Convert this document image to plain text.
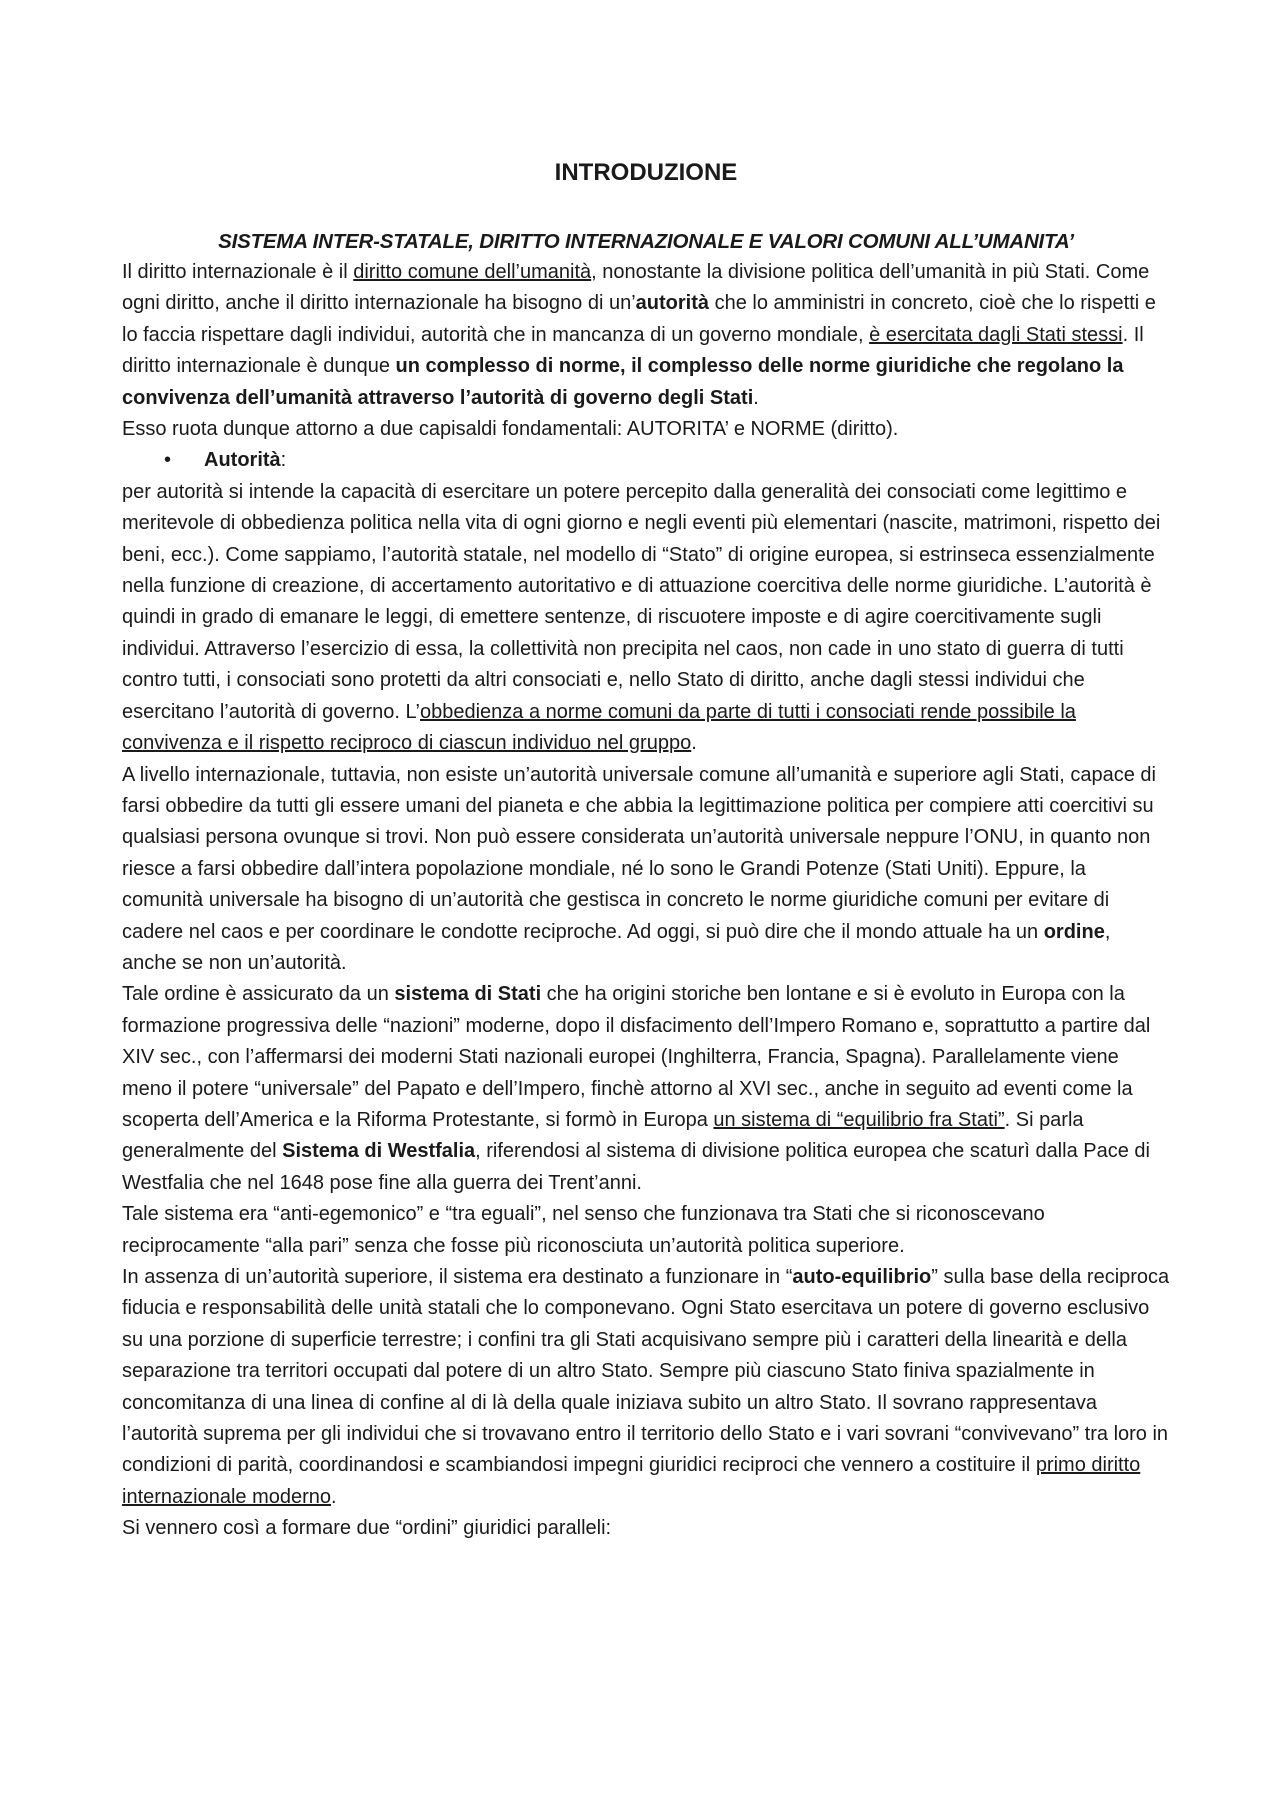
INTRODUZIONE
SISTEMA INTER-STATALE, DIRITTO INTERNAZIONALE E VALORI COMUNI ALL’UMANITA’

Il diritto internazionale è il diritto comune dell’umanità, nonostante la divisione politica dell’umanità in più Stati. Come ogni diritto, anche il diritto internazionale ha bisogno di un’autorità che lo amministri in concreto, cioè che lo rispetti e lo faccia rispettare dagli individui, autorità che in mancanza di un governo mondiale, è esercitata dagli Stati stessi. Il diritto internazionale è dunque un complesso di norme, il complesso delle norme giuridiche che regolano la convivenza dell’umanità attraverso l’autorità di governo degli Stati.

Esso ruota dunque attorno a due capisaldi fondamentali: AUTORITA’ e NORME (diritto).

• Autorità:

per autorità si intende la capacità di esercitare un potere percepito dalla generalità dei consociati come legittimo e meritevole di obbedienza politica nella vita di ogni giorno e negli eventi più elementari (nascite, matrimoni, rispetto dei beni, ecc.). Come sappiamo, l’autorità statale, nel modello di “Stato” di origine europea, si estrinseca essenzialmente nella funzione di creazione, di accertamento autoritativo e di attuazione coercitiva delle norme giuridiche. L’autorità è quindi in grado di emanare le leggi, di emettere sentenze, di riscuotere imposte e di agire coercitivamente sugli individui. Attraverso l’esercizio di essa, la collettività non precipita nel caos, non cade in uno stato di guerra di tutti contro tutti, i consociati sono protetti da altri consociati e, nello Stato di diritto, anche dagli stessi individui che esercitano l’autorità di governo. L’obbedienza a norme comuni da parte di tutti i consociati rende possibile la convivenza e il rispetto reciproco di ciascun individuo nel gruppo.

A livello internazionale, tuttavia, non esiste un’autorità universale comune all’umanità e superiore agli Stati, capace di farsi obbedire da tutti gli essere umani del pianeta e che abbia la legittimazione politica per compiere atti coercitivi su qualsiasi persona ovunque si trovi. Non può essere considerata un’autorità universale neppure l’ONU, in quanto non riesce a farsi obbedire dall’intera popolazione mondiale, né lo sono le Grandi Potenze (Stati Uniti). Eppure, la comunità universale ha bisogno di un’autorità che gestisca in concreto le norme giuridiche comuni per evitare di cadere nel caos e per coordinare le condotte reciproche. Ad oggi, si può dire che il mondo attuale ha un ordine, anche se non un’autorità.

Tale ordine è assicurato da un sistema di Stati che ha origini storiche ben lontane e si è evoluto in Europa con la formazione progressiva delle “nazioni” moderne, dopo il disfacimento dell’Impero Romano e, soprattutto a partire dal XIV sec., con l’affermarsi dei moderni Stati nazionali europei (Inghilterra, Francia, Spagna). Parallelamente viene meno il potere “universale” del Papato e dell’Impero, finchè attorno al XVI sec., anche in seguito ad eventi come la scoperta dell’America e la Riforma Protestante, si formò in Europa un sistema di “equilibrio fra Stati”. Si parla generalmente del Sistema di Westfalia, riferendosi al sistema di divisione politica europea che scaturì dalla Pace di Westfalia che nel 1648 pose fine alla guerra dei Trent’anni.

Tale sistema era “anti-egemonico” e “tra eguali”, nel senso che funzionava tra Stati che si riconoscevano reciprocamente “alla pari” senza che fosse più riconosciuta un’autorità politica superiore.

In assenza di un’autorità superiore, il sistema era destinato a funzionare in “auto-equilibrio” sulla base della reciproca fiducia e responsabilità delle unità statali che lo componevano. Ogni Stato esercitava un potere di governo esclusivo su una porzione di superficie terrestre; i confini tra gli Stati acquisivano sempre più i caratteri della linearità e della separazione tra territori occupati dal potere di un altro Stato. Sempre più ciascuno Stato finiva spazialmente in concomitanza di una linea di confine al di là della quale iniziava subito un altro Stato. Il sovrano rappresentava l’autorità suprema per gli individui che si trovavano entro il territorio dello Stato e i vari sovrani “convivevano” tra loro in condizioni di parità, coordinandosi e scambiandosi impegni giuridici reciproci che vennero a costituire il primo diritto internazionale moderno.

Si vennero così a formare due “ordini” giuridici paralleli:
